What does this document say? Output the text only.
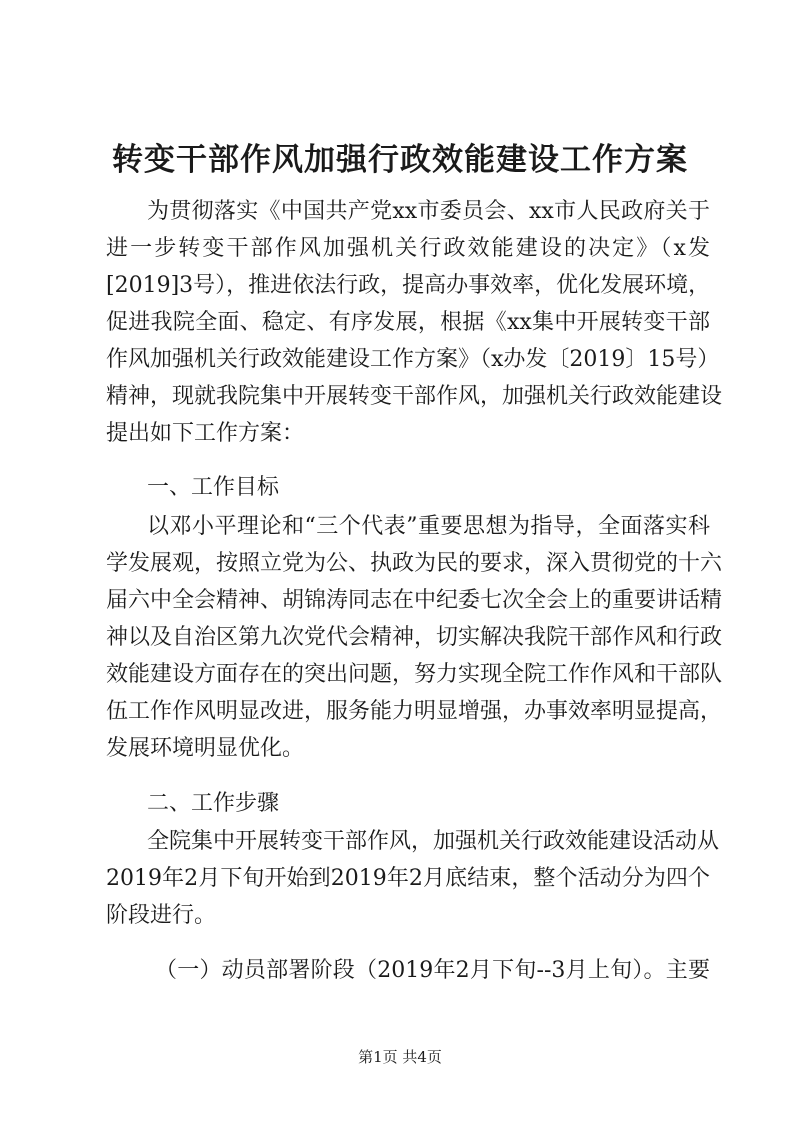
转变干部作风加强行政效能建设工作方案
为贯彻落实《中国共产党xx市委员会、xx市人民政府关于
进一步转变干部作风加强机关行政效能建设的决定》（x发
[2019]3号），推进依法行政，提高办事效率，优化发展环境，
促进我院全面、稳定、有序发展，根据《xx集中开展转变干部
作风加强机关行政效能建设工作方案》（x办发〔2019〕15号）
精神，现就我院集中开展转变干部作风，加强机关行政效能建设
提出如下工作方案：
一、工作目标
以邓小平理论和“三个代表”重要思想为指导，全面落实科
学发展观，按照立党为公、执政为民的要求，深入贯彻党的十六
届六中全会精神、胡锦涛同志在中纪委七次全会上的重要讲话精
神以及自治区第九次党代会精神，切实解决我院干部作风和行政
效能建设方面存在的突出问题，努力实现全院工作作风和干部队
伍工作作风明显改进，服务能力明显增强，办事效率明显提高，
发展环境明显优化。
二、工作步骤
全院集中开展转变干部作风，加强机关行政效能建设活动从
2019年2月下旬开始到2019年2月底结束，整个活动分为四个
阶段进行。
（一）动员部署阶段（2019年2月下旬--3月上旬）。主要
第1页 共4页
